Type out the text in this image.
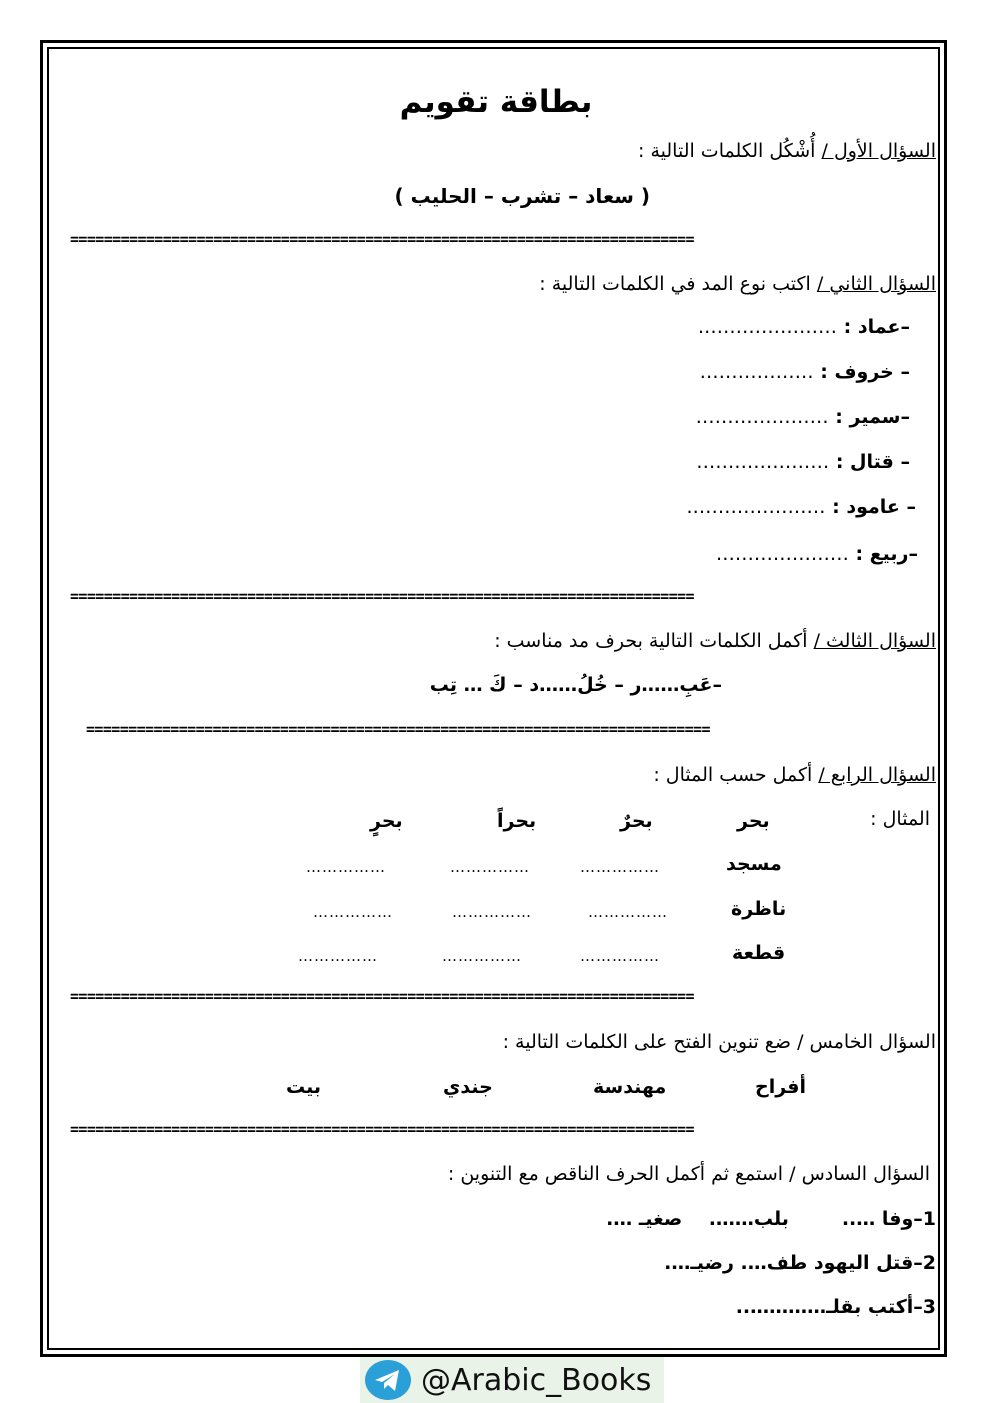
بطاقة تقويم
السؤال الأول / أُشْكُل الكلمات التالية :
( سعاد – تشرب – الحليب )
==========================================================================
السؤال الثاني / اكتب نوع المد في الكلمات التالية :
–عماد : ………………….
– خروف : ………………
–سمير : …………………
– قتال : …………………
– عامود : ………………….
–ربيع : …………………
==========================================================================
السؤال الثالث / أكمل الكلمات التالية بحرف مد مناسب :
–عَبِ……ر – خُلُ……د – كَ … تِب
==========================================================================
السؤال الرابع / أكمل حسب المثال :
المثال :
بحر
بحرٌ
بحراً
بحرٍ
مسجد
……………
……………
……………
ناظرة
……………
……………
……………
قطعة
……………
……………
……………
==========================================================================
السؤال الخامس / ضع تنوين الفتح على الكلمات التالية :
أفراح
مهندسة
جندي
بيت
==========================================================================
السؤال السادس / استمع ثم أكمل الحرف الناقص مع التنوين :
1–وفا …..        بلب…….    صغيـ ….
2–قتل اليهود طف…. رضيـ….
3–أكتب بقلـ…………..
@Arabic_Books
